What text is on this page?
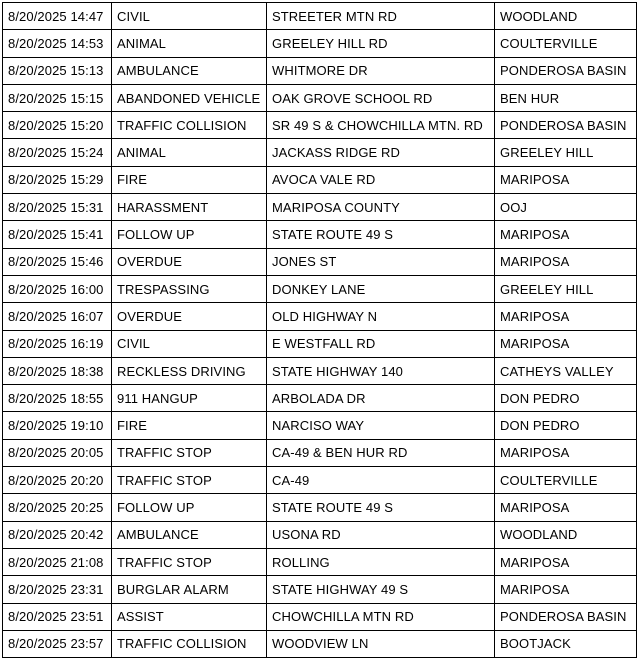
8/20/2025 14:47	CIVIL	STREETER MTN RD	WOODLAND
8/20/2025 14:53	ANIMAL	GREELEY HILL RD	COULTERVILLE
8/20/2025 15:13	AMBULANCE	WHITMORE DR	PONDEROSA BASIN
8/20/2025 15:15	ABANDONED VEHICLE	OAK GROVE SCHOOL RD	BEN HUR
8/20/2025 15:20	TRAFFIC COLLISION	SR 49 S & CHOWCHILLA MTN. RD	PONDEROSA BASIN
8/20/2025 15:24	ANIMAL	JACKASS RIDGE RD	GREELEY HILL
8/20/2025 15:29	FIRE	AVOCA VALE RD	MARIPOSA
8/20/2025 15:31	HARASSMENT	MARIPOSA COUNTY	OOJ
8/20/2025 15:41	FOLLOW UP	STATE ROUTE 49 S	MARIPOSA
8/20/2025 15:46	OVERDUE	JONES ST	MARIPOSA
8/20/2025 16:00	TRESPASSING	DONKEY LANE	GREELEY HILL
8/20/2025 16:07	OVERDUE	OLD HIGHWAY N	MARIPOSA
8/20/2025 16:19	CIVIL	E WESTFALL RD	MARIPOSA
8/20/2025 18:38	RECKLESS DRIVING	STATE HIGHWAY 140	CATHEYS VALLEY
8/20/2025 18:55	911 HANGUP	ARBOLADA DR	DON PEDRO
8/20/2025 19:10	FIRE	NARCISO WAY	DON PEDRO
8/20/2025 20:05	TRAFFIC STOP	CA-49 & BEN HUR RD	MARIPOSA
8/20/2025 20:20	TRAFFIC STOP	CA-49	COULTERVILLE
8/20/2025 20:25	FOLLOW UP	STATE ROUTE 49 S	MARIPOSA
8/20/2025 20:42	AMBULANCE	USONA RD	WOODLAND
8/20/2025 21:08	TRAFFIC STOP	ROLLING	MARIPOSA
8/20/2025 23:31	BURGLAR ALARM	STATE HIGHWAY 49 S	MARIPOSA
8/20/2025 23:51	ASSIST	CHOWCHILLA MTN RD	PONDEROSA BASIN
8/20/2025 23:57	TRAFFIC COLLISION	WOODVIEW LN	BOOTJACK
